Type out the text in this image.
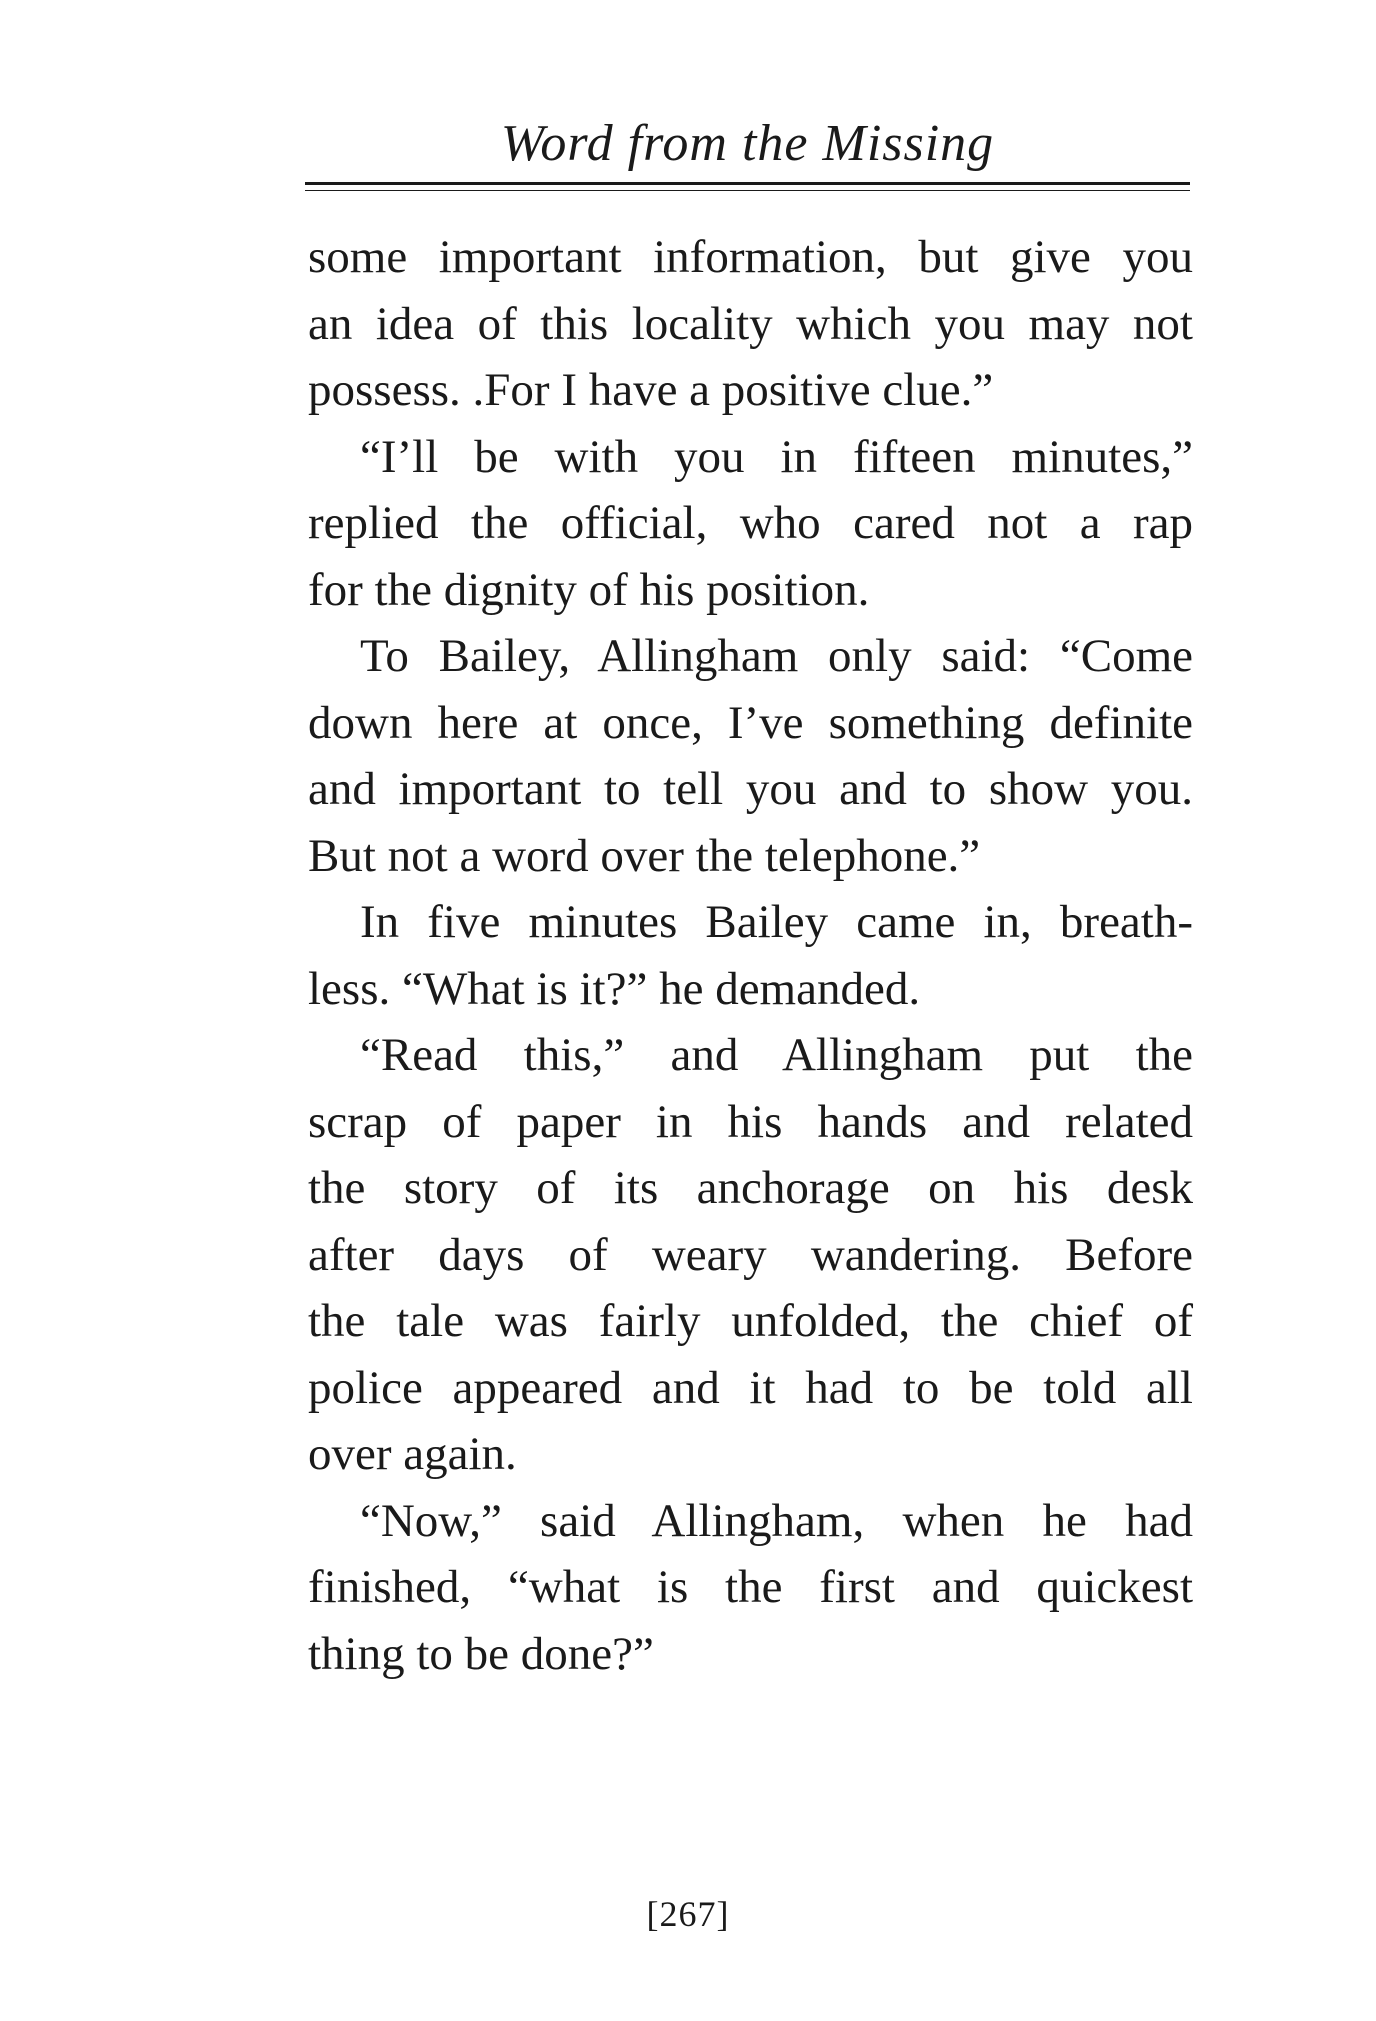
Word from the Missing
some important information, but give you
an idea of this locality which you may not
possess. .For I have a positive clue.”
“I’ll be with you in fifteen minutes,”
replied the official, who cared not a rap
for the dignity of his position.
To Bailey, Allingham only said: “Come
down here at once, I’ve something definite
and important to tell you and to show you.
But not a word over the telephone.”
In five minutes Bailey came in, breath-
less. “What is it?” he demanded.
“Read this,” and Allingham put the
scrap of paper in his hands and related
the story of its anchorage on his desk
after days of weary wandering. Before
the tale was fairly unfolded, the chief of
police appeared and it had to be told all
over again.
“Now,” said Allingham, when he had
finished, “what is the first and quickest
thing to be done?”
[267]
